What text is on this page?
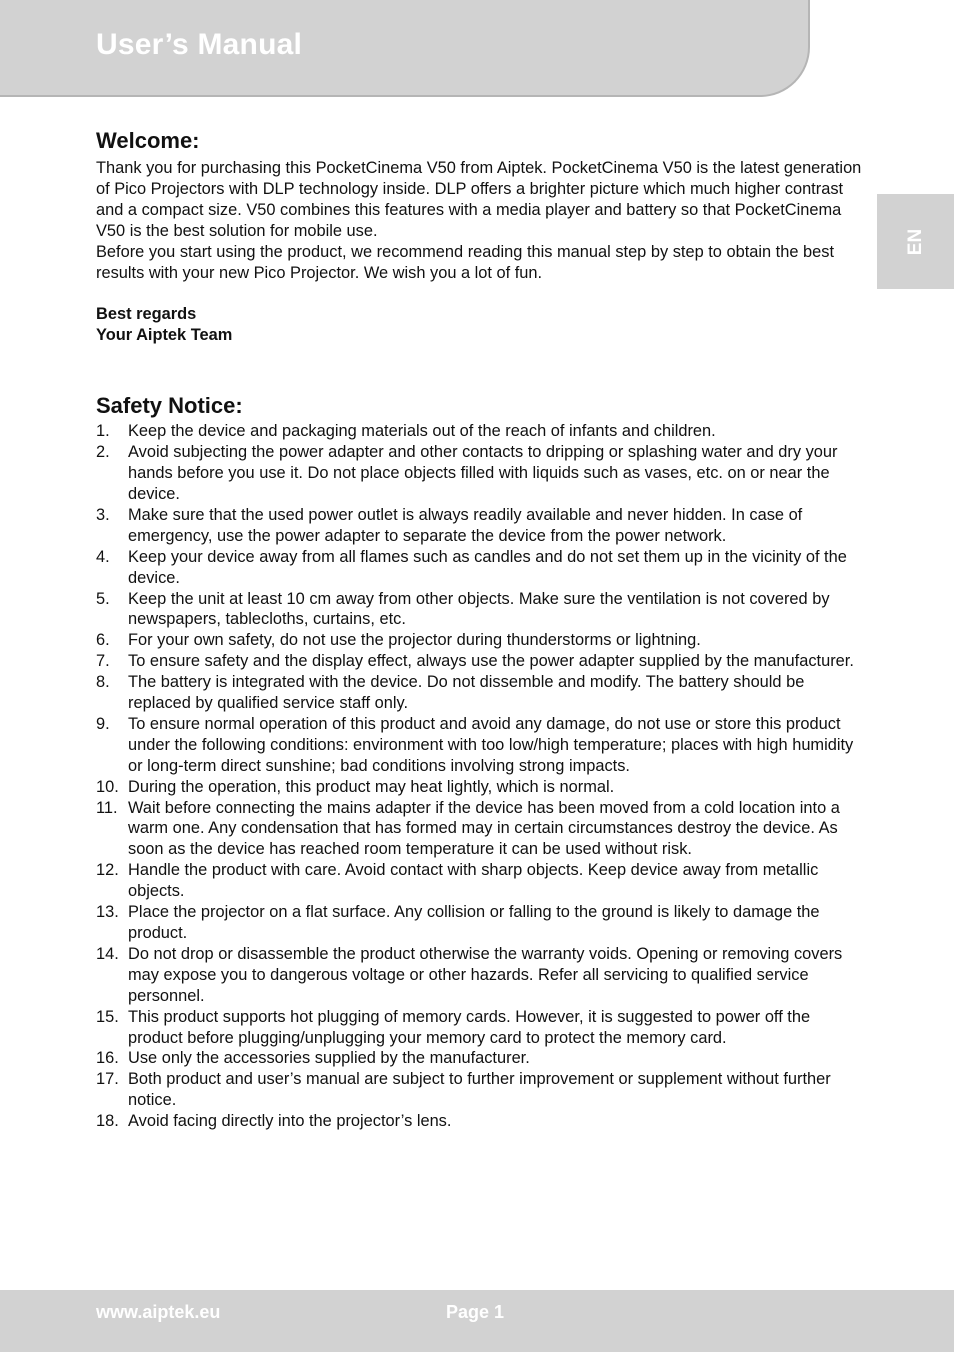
User’s Manual
EN
Welcome:

Thank you for purchasing this PocketCinema V50 from Aiptek. PocketCinema V50 is the latest generation of Pico Projectors with DLP technology inside. DLP offers a brighter picture which much higher contrast and a compact size. V50 combines this features with a media player and battery so that PocketCinema V50 is the best solution for mobile use.

Before you start using the product, we recommend reading this manual step by step to obtain the best results with your new Pico Projector. We wish you a lot of fun.

Best regards
Your Aiptek Team
Safety Notice:
1.	Keep the device and packaging materials out of the reach of infants and children.
2.	Avoid subjecting the power adapter and other contacts to dripping or splashing water and dry your hands before you use it. Do not place objects filled with liquids such as vases, etc. on or near the device.
3.	Make sure that the used power outlet is always readily available and never hidden. In case of emergency, use the power adapter to separate the device from the power network.
4.	Keep your device away from all flames such as candles and do not set them up in the vicinity of the device.
5.	Keep the unit at least 10 cm away from other objects. Make sure the ventilation is not covered by newspapers, tablecloths, curtains, etc.
6.	For your own safety, do not use the projector during thunderstorms or lightning.
7.	To ensure safety and the display effect, always use the power adapter supplied by the manufacturer.
8.	The battery is integrated with the device. Do not dissemble and modify. The battery should be replaced by qualified service staff only.
9.	To ensure normal operation of this product and avoid any damage, do not use or store this product under the following conditions: environment with too low/high temperature; places with high humidity or long-term direct sunshine; bad conditions involving strong impacts.
10. During the operation, this product may heat lightly, which is normal.
11. Wait before connecting the mains adapter if the device has been moved from a cold location into a warm one. Any condensation that has formed may in certain circumstances destroy the device. As soon as the device has reached room temperature it can be used without risk.
12. Handle the product with care. Avoid contact with sharp objects. Keep device away from metallic objects.
13. Place the projector on a flat surface. Any collision or falling to the ground is likely to damage the product.
14. Do not drop or disassemble the product otherwise the warranty voids. Opening or removing covers may expose you to dangerous voltage or other hazards. Refer all servicing to qualified service personnel.
15. This product supports hot plugging of memory cards. However, it is suggested to power off the product before plugging/unplugging your memory card to protect the memory card.
16. Use only the accessories supplied by the manufacturer.
17. Both product and user’s manual are subject to further improvement or supplement without further notice.
18. Avoid facing directly into the projector’s lens.
www.aiptek.eu	Page 1
